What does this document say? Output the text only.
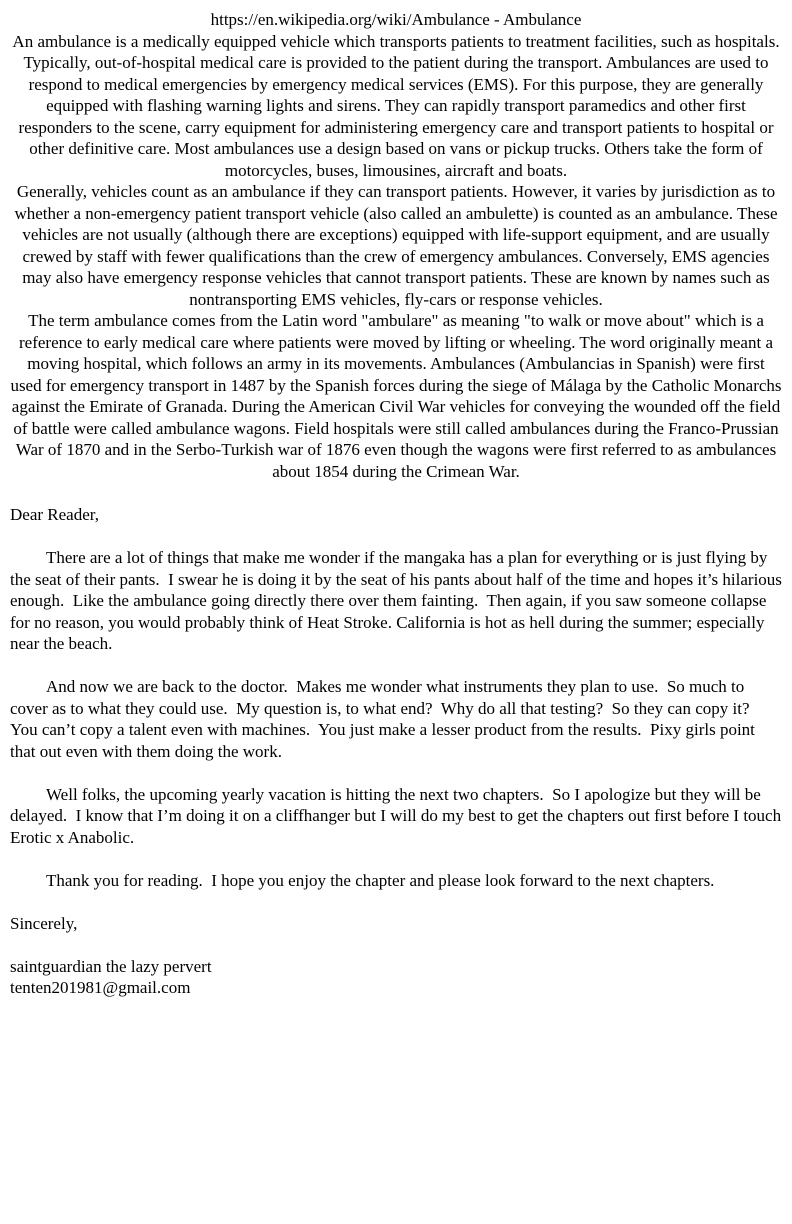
https://en.wikipedia.org/wiki/Ambulance - Ambulance

An ambulance is a medically equipped vehicle which transports patients to treatment facilities, such as hospitals. Typically, out-of-hospital medical care is provided to the patient during the transport. Ambulances are used to respond to medical emergencies by emergency medical services (EMS). For this purpose, they are generally equipped with flashing warning lights and sirens. They can rapidly transport paramedics and other first responders to the scene, carry equipment for administering emergency care and transport patients to hospital or other definitive care. Most ambulances use a design based on vans or pickup trucks. Others take the form of motorcycles, buses, limousines, aircraft and boats.

Generally, vehicles count as an ambulance if they can transport patients. However, it varies by jurisdiction as to whether a non-emergency patient transport vehicle (also called an ambulette) is counted as an ambulance. These vehicles are not usually (although there are exceptions) equipped with life-support equipment, and are usually crewed by staff with fewer qualifications than the crew of emergency ambulances. Conversely, EMS agencies may also have emergency response vehicles that cannot transport patients. These are known by names such as nontransporting EMS vehicles, fly-cars or response vehicles.

The term ambulance comes from the Latin word "ambulare" as meaning "to walk or move about" which is a reference to early medical care where patients were moved by lifting or wheeling. The word originally meant a moving hospital, which follows an army in its movements. Ambulances (Ambulancias in Spanish) were first used for emergency transport in 1487 by the Spanish forces during the siege of Málaga by the Catholic Monarchs against the Emirate of Granada. During the American Civil War vehicles for conveying the wounded off the field of battle were called ambulance wagons. Field hospitals were still called ambulances during the Franco-Prussian War of 1870 and in the Serbo-Turkish war of 1876 even though the wagons were first referred to as ambulances about 1854 during the Crimean War.

Dear Reader,

There are a lot of things that make me wonder if the mangaka has a plan for everything or is just flying by the seat of their pants.  I swear he is doing it by the seat of his pants about half of the time and hopes it’s hilarious enough.  Like the ambulance going directly there over them fainting.  Then again, if you saw someone collapse for no reason, you would probably think of Heat Stroke. California is hot as hell during the summer; especially near the beach.

And now we are back to the doctor.  Makes me wonder what instruments they plan to use.  So much to cover as to what they could use.  My question is, to what end?  Why do all that testing?  So they can copy it?  You can’t copy a talent even with machines.  You just make a lesser product from the results.  Pixy girls point that out even with them doing the work.

Well folks, the upcoming yearly vacation is hitting the next two chapters.  So I apologize but they will be delayed.  I know that I’m doing it on a cliffhanger but I will do my best to get the chapters out first before I touch Erotic x Anabolic.

Thank you for reading.  I hope you enjoy the chapter and please look forward to the next chapters.

Sincerely,

saintguardian the lazy pervert

tenten201981@gmail.com
